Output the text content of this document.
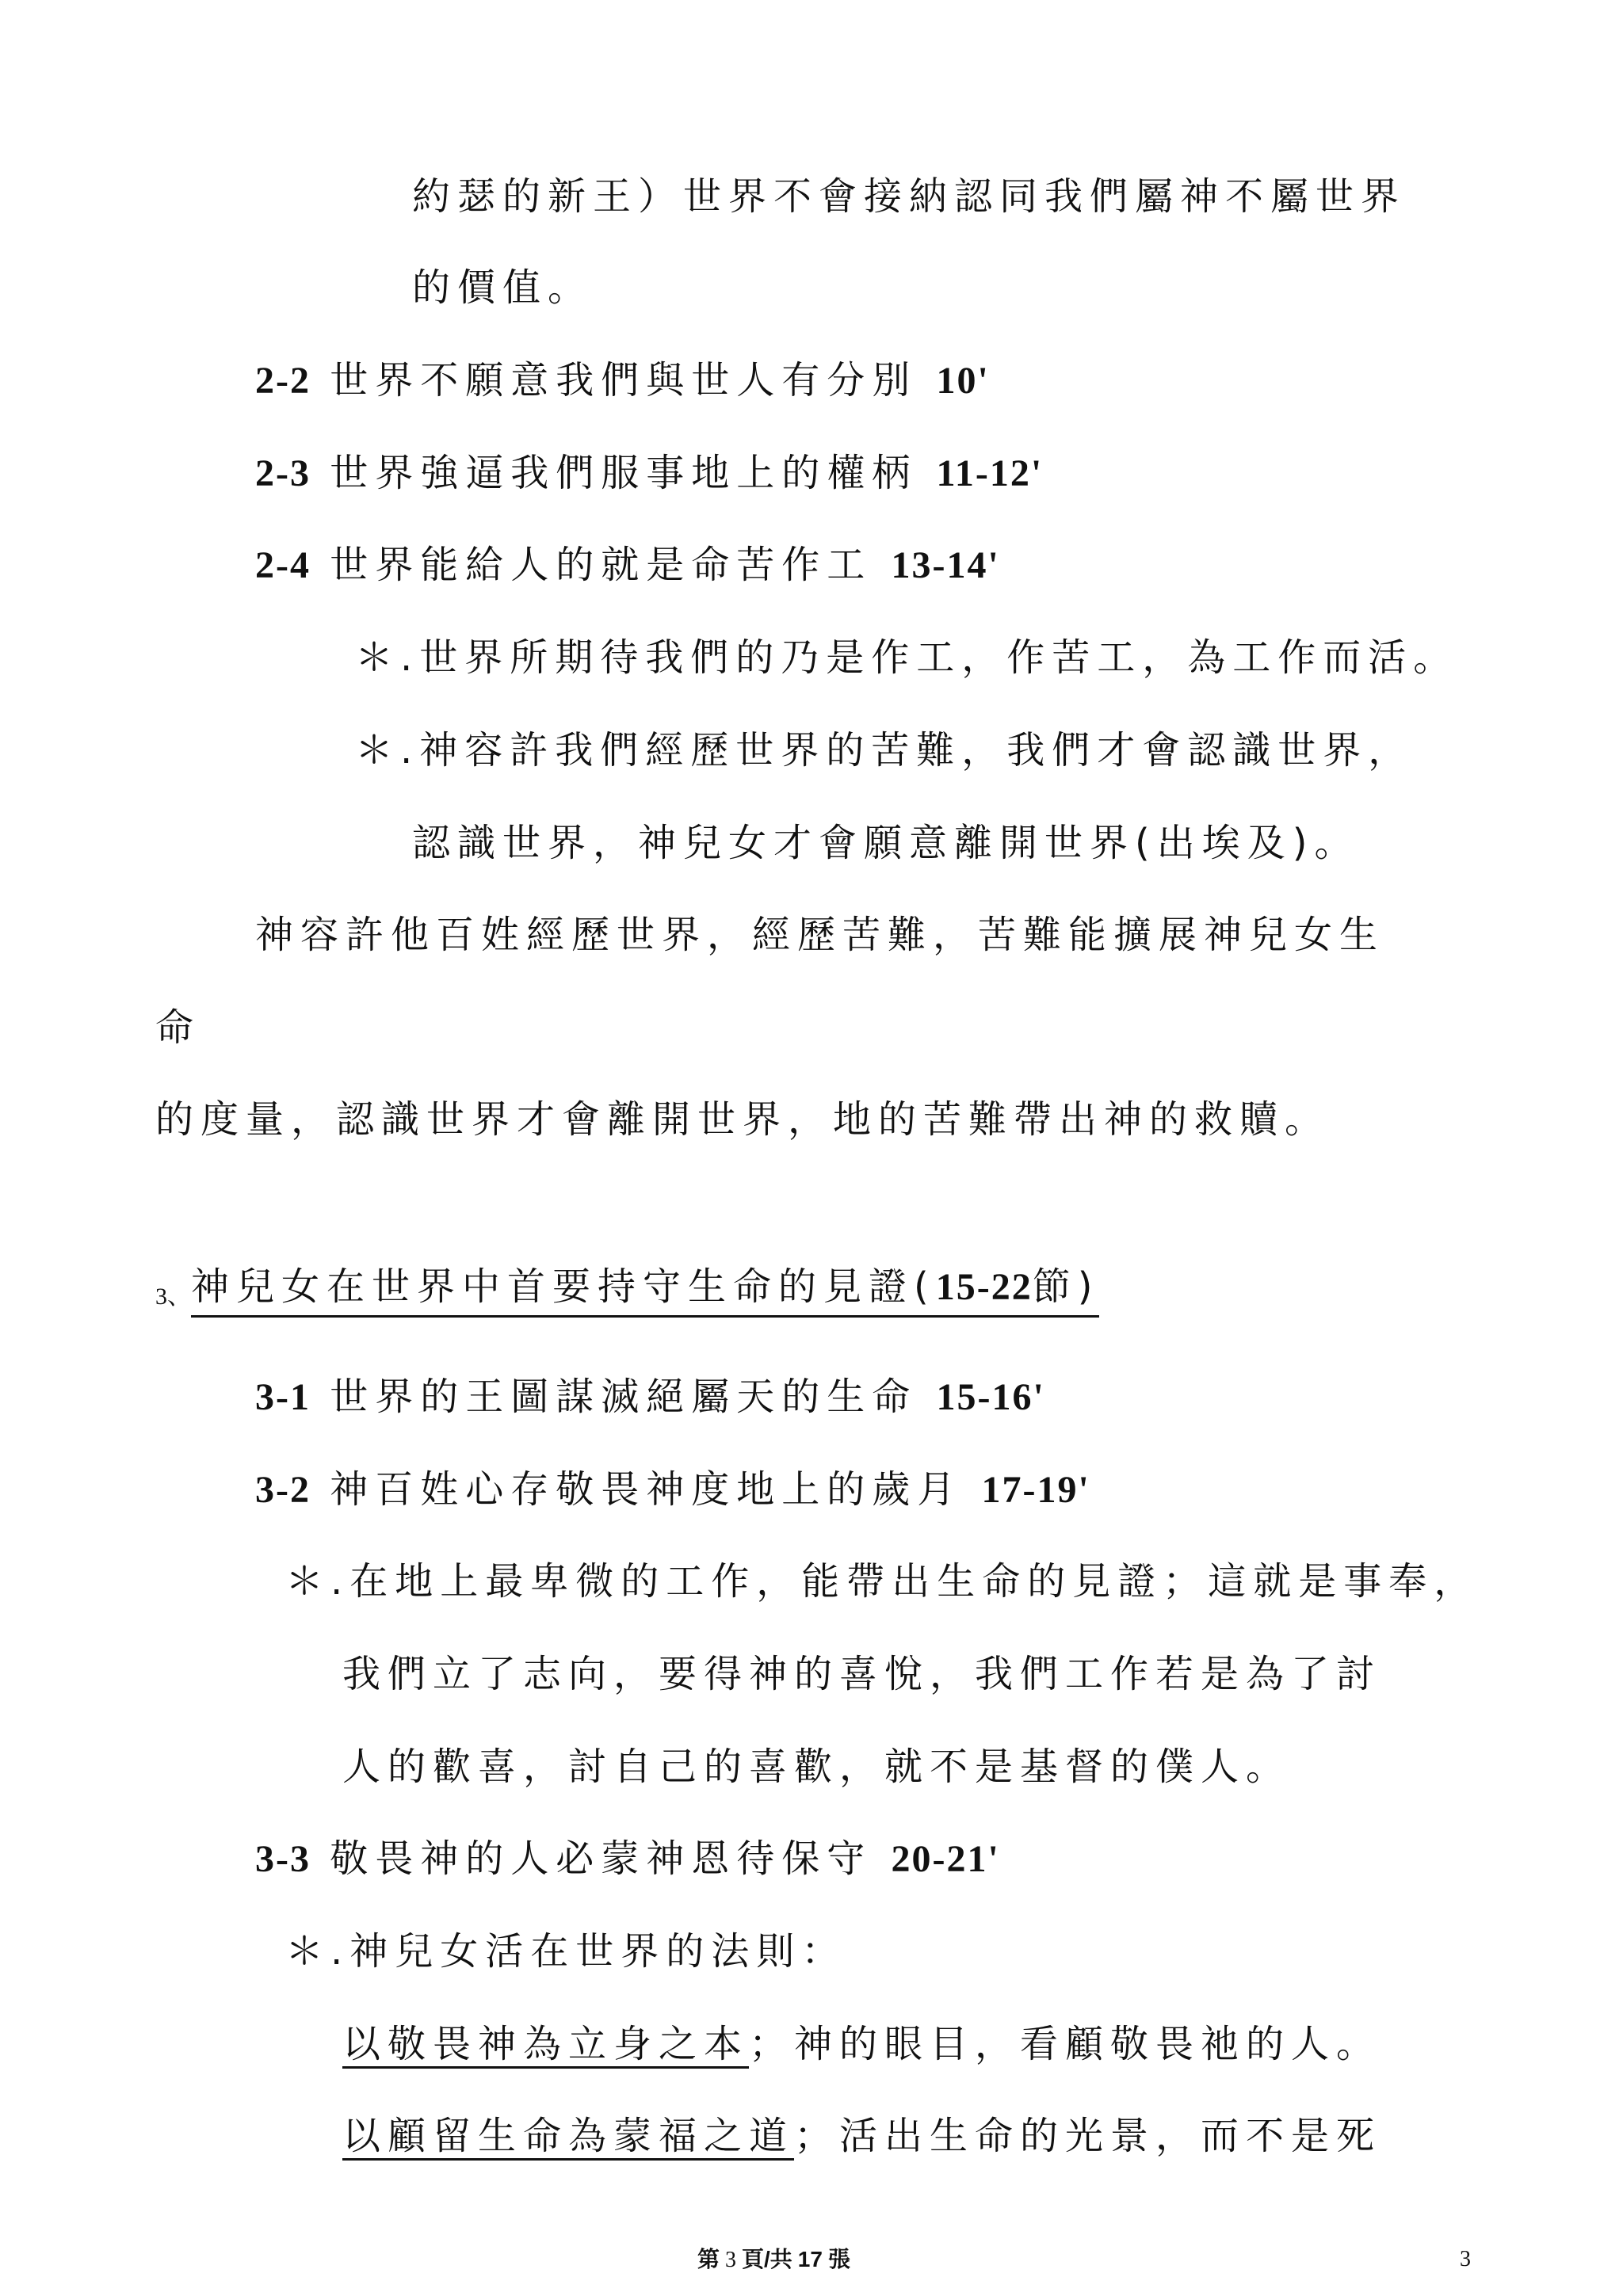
約瑟的新王）世界不會接納認同我們屬神不屬世界
的價值。
2-2 世界不願意我們與世人有分別 10'
2-3 世界強逼我們服事地上的權柄 11-12'
2-4 世界能給人的就是命苦作工 13-14'
＊.世界所期待我們的乃是作工，作苦工，為工作而活。
＊.神容許我們經歷世界的苦難，我們才會認識世界，
認識世界，神兒女才會願意離開世界(出埃及)。
神容許他百姓經歷世界，經歷苦難，苦難能擴展神兒女生
命
的度量，認識世界才會離開世界，地的苦難帶出神的救贖。
3、神兒女在世界中首要持守生命的見證(15-22節)
3-1 世界的王圖謀滅絕屬天的生命 15-16'
3-2 神百姓心存敬畏神度地上的歲月 17-19'
＊.在地上最卑微的工作，能帶出生命的見證；這就是事奉，
我們立了志向，要得神的喜悅，我們工作若是為了討
人的歡喜，討自己的喜歡，就不是基督的僕人。
3-3 敬畏神的人必蒙神恩待保守 20-21'
＊.神兒女活在世界的法則：
以敬畏神為立身之本；神的眼目，看顧敬畏祂的人。
以顧留生命為蒙福之道；活出生命的光景，而不是死
第 3 頁/共 17 張	3
